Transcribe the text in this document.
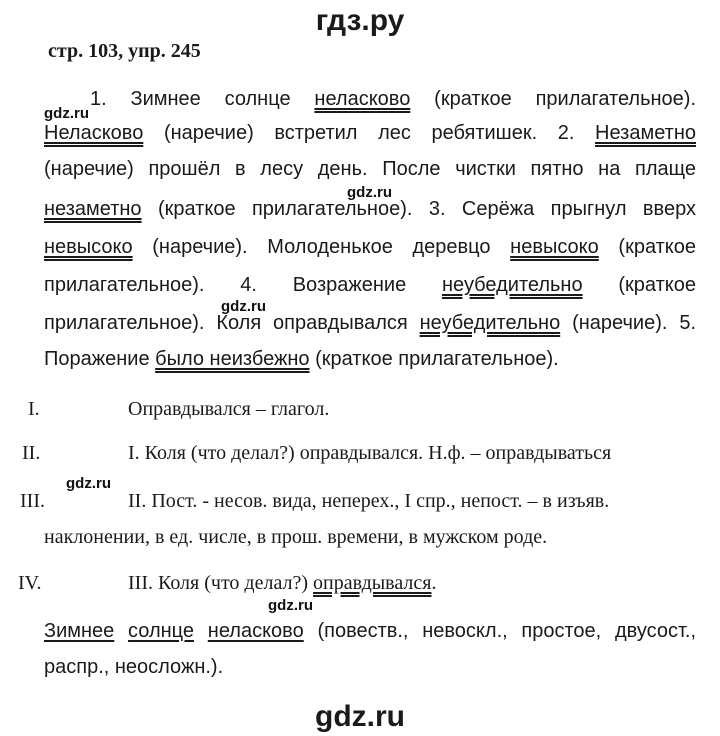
гдз.ру
стр. 103, упр. 245
gdz.ru
gdz.ru
gdz.ru
gdz.ru
gdz.ru
1. Зимнее солнце неласково (краткое прилагательное).
Неласково (наречие) встретил лес ребятишек. 2. Незаметно
(наречие) прошёл в лесу день. После чистки пятно на плаще
незаметно (краткое прилагательное). 3. Серёжа прыгнул вверх
невысоко (наречие). Молоденькое деревцо невысоко (краткое
прилагательное). 4. Возражение неубедительно (краткое
прилагательное). Коля оправдывался неубедительно (наречие). 5.
Поражение было неизбежно (краткое прилагательное).
I.	Оправдывался – глагол.
II.	I. Коля (что делал?) оправдывался. Н.ф. – оправдываться
III.	II. Пост. - несов. вида, неперех., I спр., непост. – в изъяв.
наклонении, в ед. числе, в прош. времени, в мужском роде.
IV.	III. Коля (что делал?) оправдывался.
Зимнее солнце неласково (повеств., невоскл., простое, двусост.,
распр., неосложн.).
gdz.ru
